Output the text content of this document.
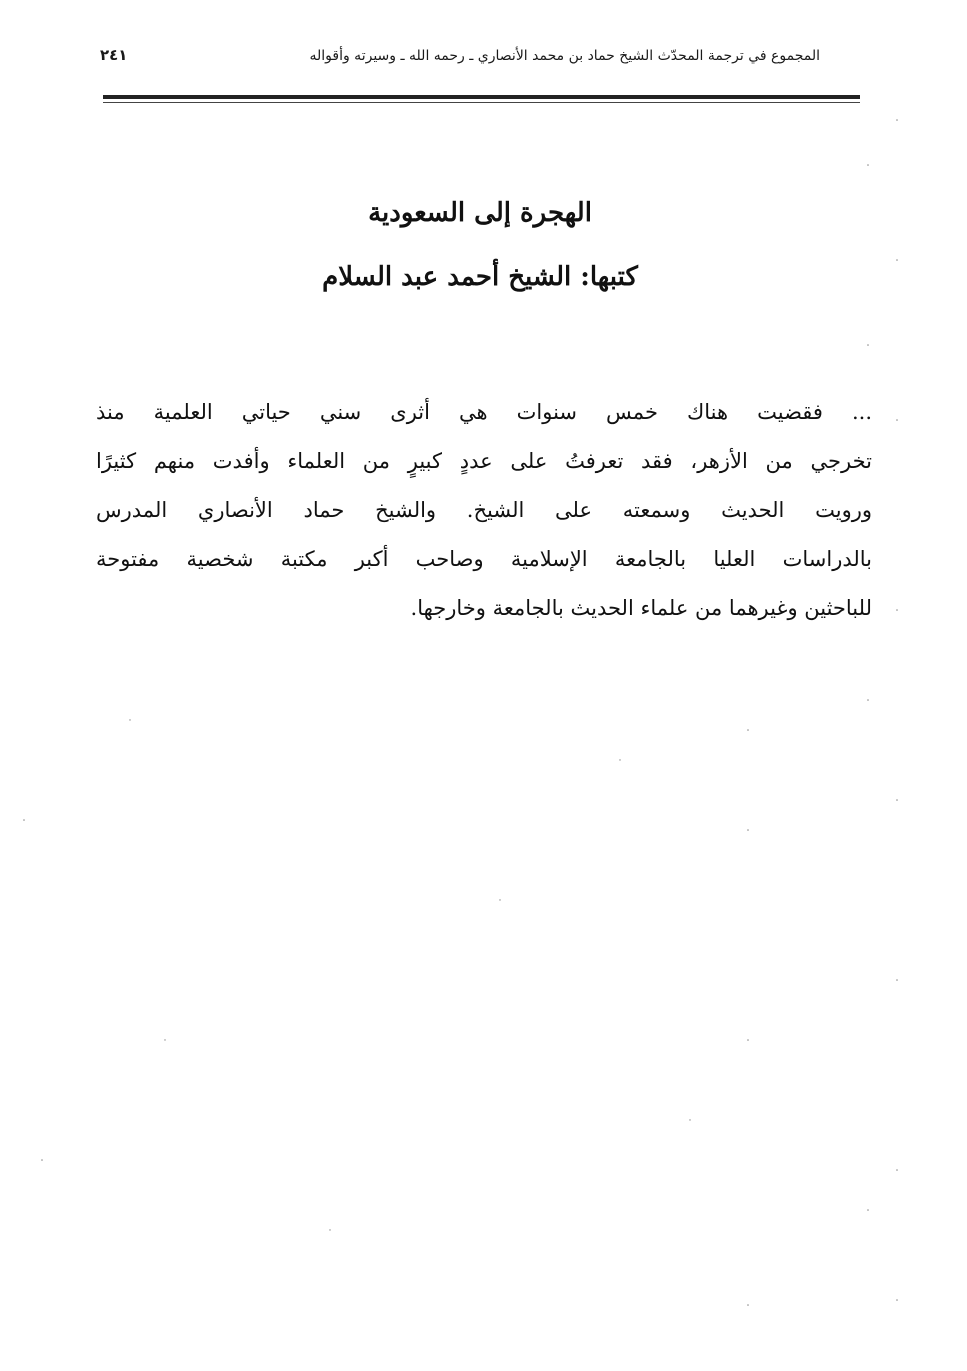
المجموع في ترجمة المحدّث الشيخ حماد بن محمد الأنصاري ـ رحمه الله ـ وسيرته وأقواله
٢٤١
الهجرة إلى السعودية
كتبها: الشيخ أحمد عبد السلام
... فقضيت هناك خمس سنوات هي أثرى سني حياتي العلمية منذ
تخرجي من الأزهر، فقد تعرفتُ على عددٍ كبيرٍ من العلماء وأفدت منهم كثيرًا
ورويت الحديث وسمعته على الشيخ. والشيخ حماد الأنصاري المدرس
بالدراسات العليا بالجامعة الإسلامية وصاحب أكبر مكتبة شخصية مفتوحة
للباحثين وغيرهما من علماء الحديث بالجامعة وخارجها.
